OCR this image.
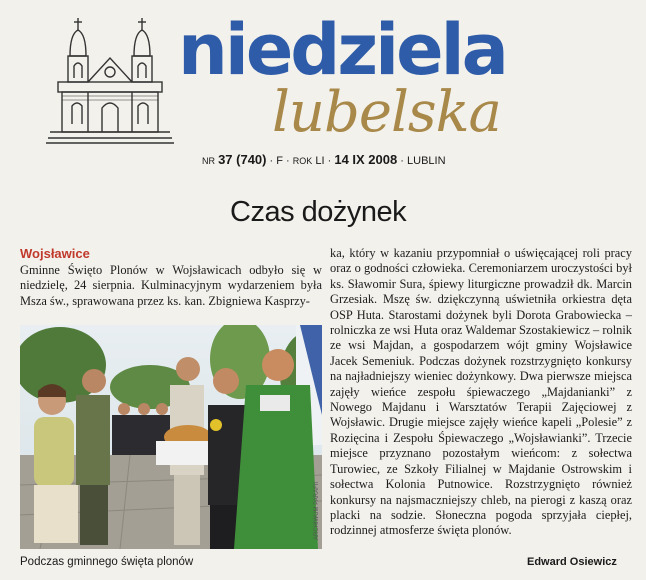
niedziela
lubelska
NR 37 (740) · F · ROK LI · 14 IX 2008 · LUBLIN
Czas dożynek
Wojsławice

Gminne Święto Plonów w Wojsławicach odbyło się w niedzielę, 24 sierpnia. Kulminacyjnym wydarzeniem była Msza św., sprawowana przez ks. kan. Zbigniewa Kasprzy-

ARCHIWUM PARAFII
Podczas gminnego święta plonów

ka, który w kazaniu przypomniał o uświęcającej roli pracy oraz o godności człowieka. Ceremoniarzem uroczystości był ks. Sławomir Sura, śpiewy liturgiczne prowadził dk. Marcin Grzesiak. Mszę św. dziękczynną uświetniła orkiestra dęta OSP Huta. Starostami dożynek byli Dorota Grabowiecka – rolniczka ze wsi Huta oraz Waldemar Szostakiewicz – rolnik ze wsi Majdan, a gospodarzem wójt gminy Wojsławice Jacek Semeniuk. Podczas dożynek rozstrzygnięto konkursy na najładniejszy wieniec dożynkowy. Dwa pierwsze miejsca zajęły wieńce zespołu śpiewaczego „Majdanianki” z Nowego Majdanu i Warsztatów Terapii Zajęciowej z Wojsławic. Drugie miejsce zajęły wieńce kapeli „Polesie” z Rozięcina i Zespołu Śpiewaczego „Wojsławianki”. Trzecie miejsce przyznano pozostałym wieńcom: z sołectwa Turowiec, ze Szkoły Filialnej w Majdanie Ostrowskim i sołectwa Kolonia Putnowice. Rozstrzygnięto również konkursy na najsmaczniejszy chleb, na pierogi z kaszą oraz placki na sodzie. Słoneczna pogoda sprzyjała ciepłej, rodzinnej atmosferze święta plonów.

Edward Osiewicz
